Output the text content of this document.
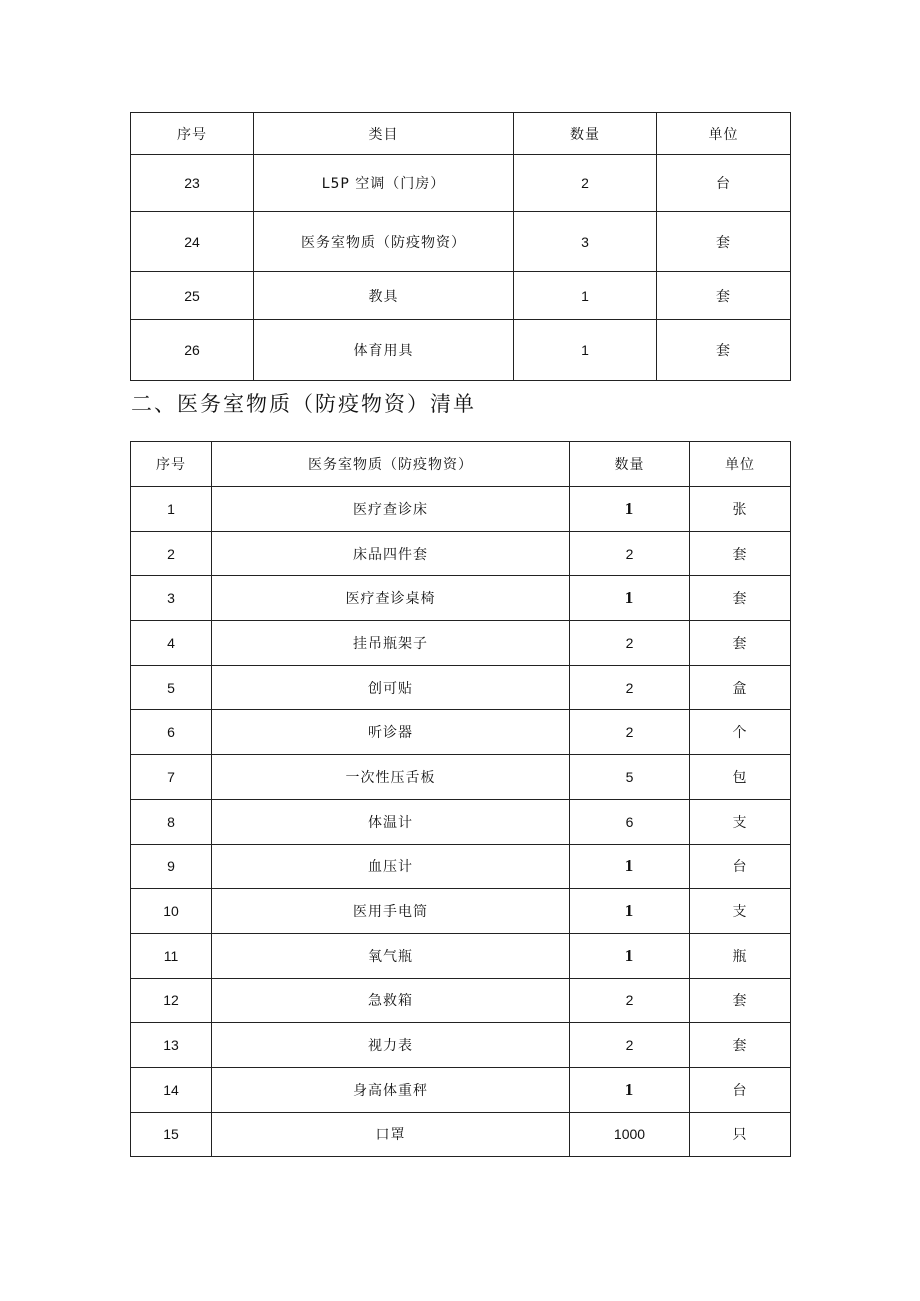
序号	类目	数量	单位
23	L5P 空调（门房）	2	台
24	医务室物质（防疫物资）	3	套
25	教具	1	套
26	体育用具	1	套
二、医务室物质（防疫物资）清单
序号	医务室物质（防疫物资）	数量	单位
1	医疗查诊床	1	张
2	床品四件套	2	套
3	医疗查诊桌椅	1	套
4	挂吊瓶架子	2	套
5	创可贴	2	盒
6	听诊器	2	个
7	一次性压舌板	5	包
8	体温计	6	支
9	血压计	1	台
10	医用手电筒	1	支
11	氧气瓶	1	瓶
12	急救箱	2	套
13	视力表	2	套
14	身高体重秤	1	台
15	口罩	1000	只
